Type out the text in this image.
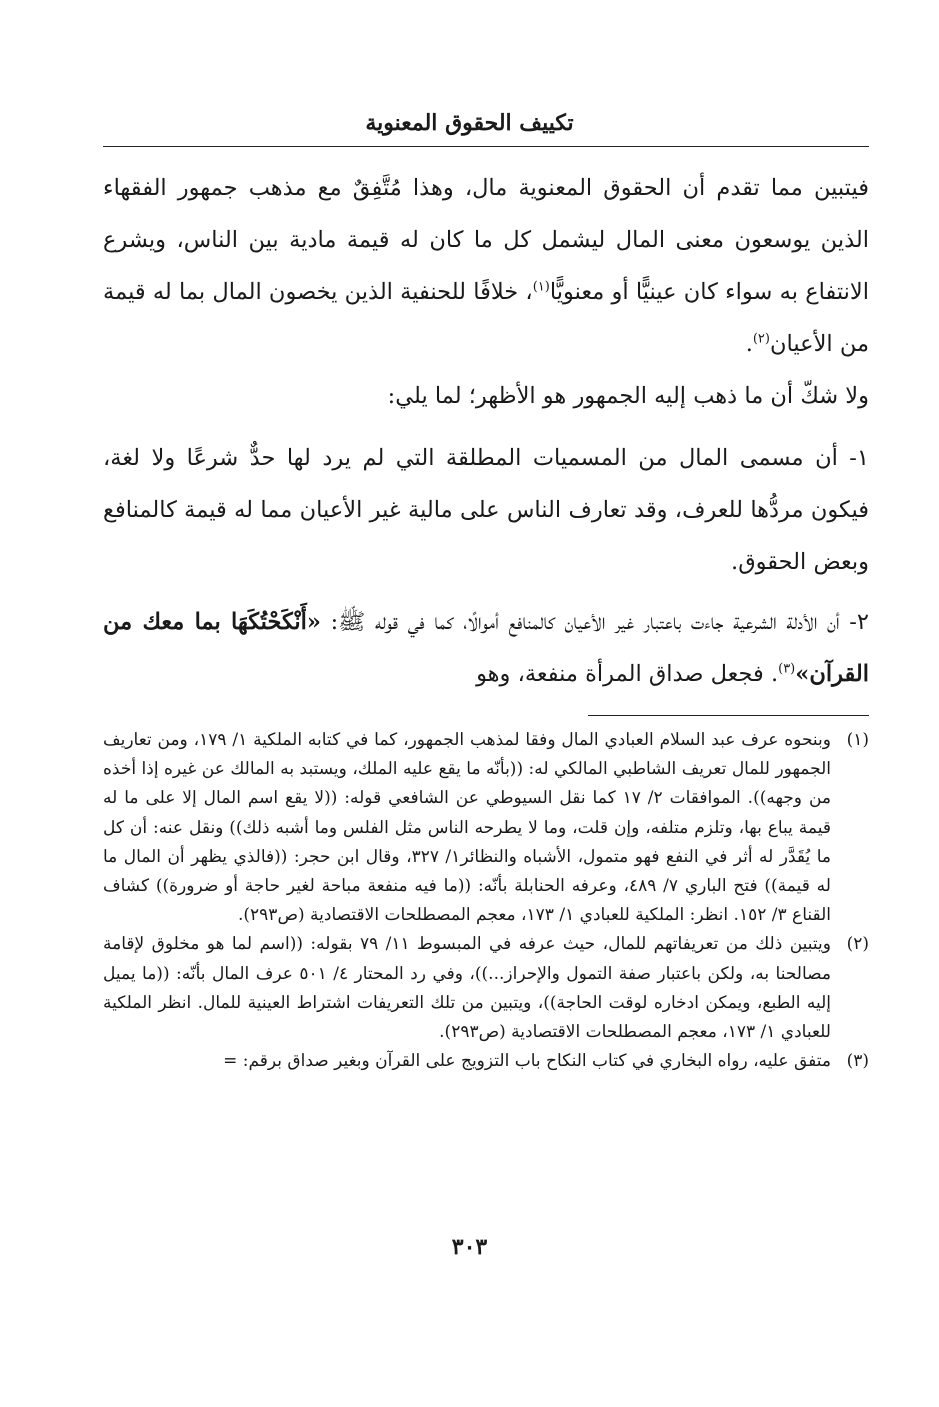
تكييف الحقوق المعنوية

فيتبين مما تقدم أن الحقوق المعنوية مال، وهذا مُتَّفِقٌ مع مذهب جمهور الفقهاء الذين يوسعون معنى المال ليشمل كل ما كان له قيمة مادية بين الناس، ويشرع الانتفاع به سواء كان عينيًّا أو معنويًّا$^{(١)}$، خلافًا للحنفية الذين يخصون المال بما له قيمة من الأعيان$^{(٢)}$.

ولا شكّ أن ما ذهب إليه الجمهور هو الأظهر؛ لما يلي:

١- أن مسمى المال من المسميات المطلقة التي لم يرد لها حدٌّ شرعًا ولا لغة، فيكون مردُّها للعرف، وقد تعارف الناس على مالية غير الأعيان مما له قيمة كالمنافع وبعض الحقوق.

٢- أن الأدلة الشرعية جاءت باعتبار غير الأعيان كالمنافع أموالًا، كما في قوله ﷺ: «أَنْكَحْتُكَهَا بما معك من القرآن»$^{(٣)}$. فجعل صداق المرأة منفعة، وهو

(١)
وبنحوه عرف عبد السلام العبادي المال وفقا لمذهب الجمهور، كما في كتابه الملكية ١/ ١٧٩، ومن تعاريف الجمهور للمال تعريف الشاطبي المالكي له: ((بأنّه ما يقع عليه الملك، ويستبد به المالك عن غيره إذا أخذه من وجهه)). الموافقات ٢/ ١٧ كما نقل السيوطي عن الشافعي قوله: ((لا يقع اسم المال إلا على ما له قيمة يباع بها، وتلزم متلفه، وإن قلت، وما لا يطرحه الناس مثل الفلس وما أشبه ذلك)) ونقل عنه: أن كل ما يُقَدَّر له أثر في النفع فهو متمول، الأشباه والنظائر١/ ٣٢٧، وقال ابن حجر: ((فالذي يظهر أن المال ما له قيمة)) فتح الباري ٧/ ٤٨٩، وعرفه الحنابلة بأنّه: ((ما فيه منفعة مباحة لغير حاجة أو ضرورة)) كشاف القناع ٣/ ١٥٢. انظر: الملكية للعبادي ١/ ١٧٣، معجم المصطلحات الاقتصادية (ص٢٩٣).
(٢)
ويتبين ذلك من تعريفاتهم للمال، حيث عرفه في المبسوط ١١/ ٧٩ بقوله: ((اسم لما هو مخلوق لإقامة مصالحنا به، ولكن باعتبار صفة التمول والإحراز...))، وفي رد المحتار ٤/ ٥٠١ عرف المال بأنّه: ((ما يميل إليه الطبع، ويمكن ادخاره لوقت الحاجة))، ويتبين من تلك التعريفات اشتراط العينية للمال. انظر الملكية للعبادي ١/ ١٧٣، معجم المصطلحات الاقتصادية (ص٢٩٣).
(٣)
متفق عليه، رواه البخاري في كتاب النكاح باب التزويج على القرآن وبغير صداق برقم: =
٣٠٣
